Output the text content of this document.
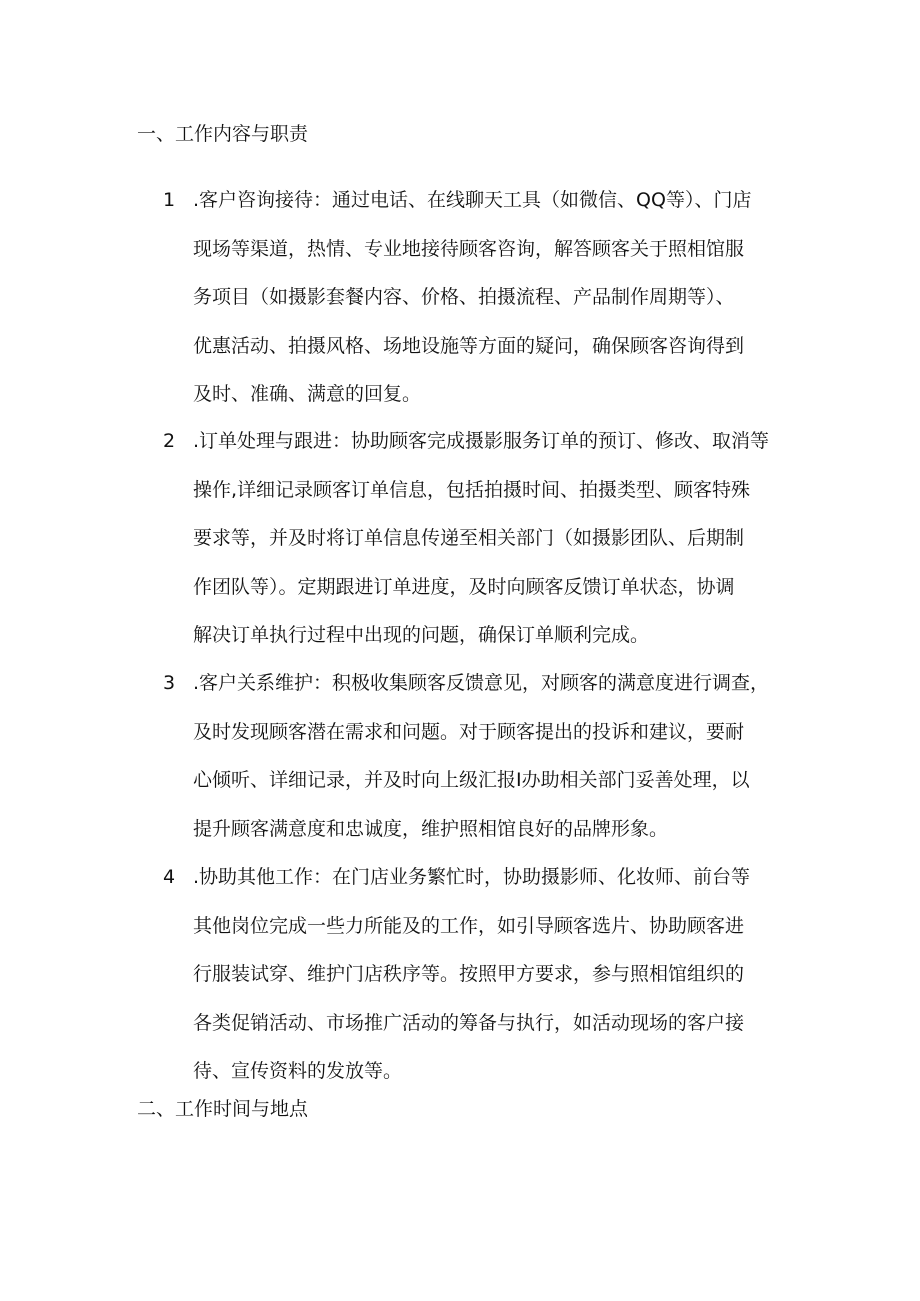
一、工作内容与职责
1 .客户咨询接待：通过电话、在线聊天工具（如微信、QQ等）、门店
现场等渠道，热情、专业地接待顾客咨询，解答顾客关于照相馆服
务项目（如摄影套餐内容、价格、拍摄流程、产品制作周期等）、
优惠活动、拍摄风格、场地设施等方面的疑问，确保顾客咨询得到
及时、准确、满意的回复。
2 .订单处理与跟进：协助顾客完成摄影服务订单的预订、修改、取消等
操作,详细记录顾客订单信息，包括拍摄时间、拍摄类型、顾客特殊
要求等，并及时将订单信息传递至相关部门（如摄影团队、后期制
作团队等）。定期跟进订单进度，及时向顾客反馈订单状态，协调
解决订单执行过程中出现的问题，确保订单顺利完成。
3 .客户关系维护：积极收集顾客反馈意见，对顾客的满意度进行调查，
及时发现顾客潜在需求和问题。对于顾客提出的投诉和建议，要耐
心倾听、详细记录，并及时向上级汇报I办助相关部门妥善处理，以
提升顾客满意度和忠诚度，维护照相馆良好的品牌形象。
4 .协助其他工作：在门店业务繁忙时，协助摄影师、化妆师、前台等
其他岗位完成一些力所能及的工作，如引导顾客选片、协助顾客进
行服装试穿、维护门店秩序等。按照甲方要求，参与照相馆组织的
各类促销活动、市场推广活动的筹备与执行，如活动现场的客户接
待、宣传资料的发放等。
二、工作时间与地点
